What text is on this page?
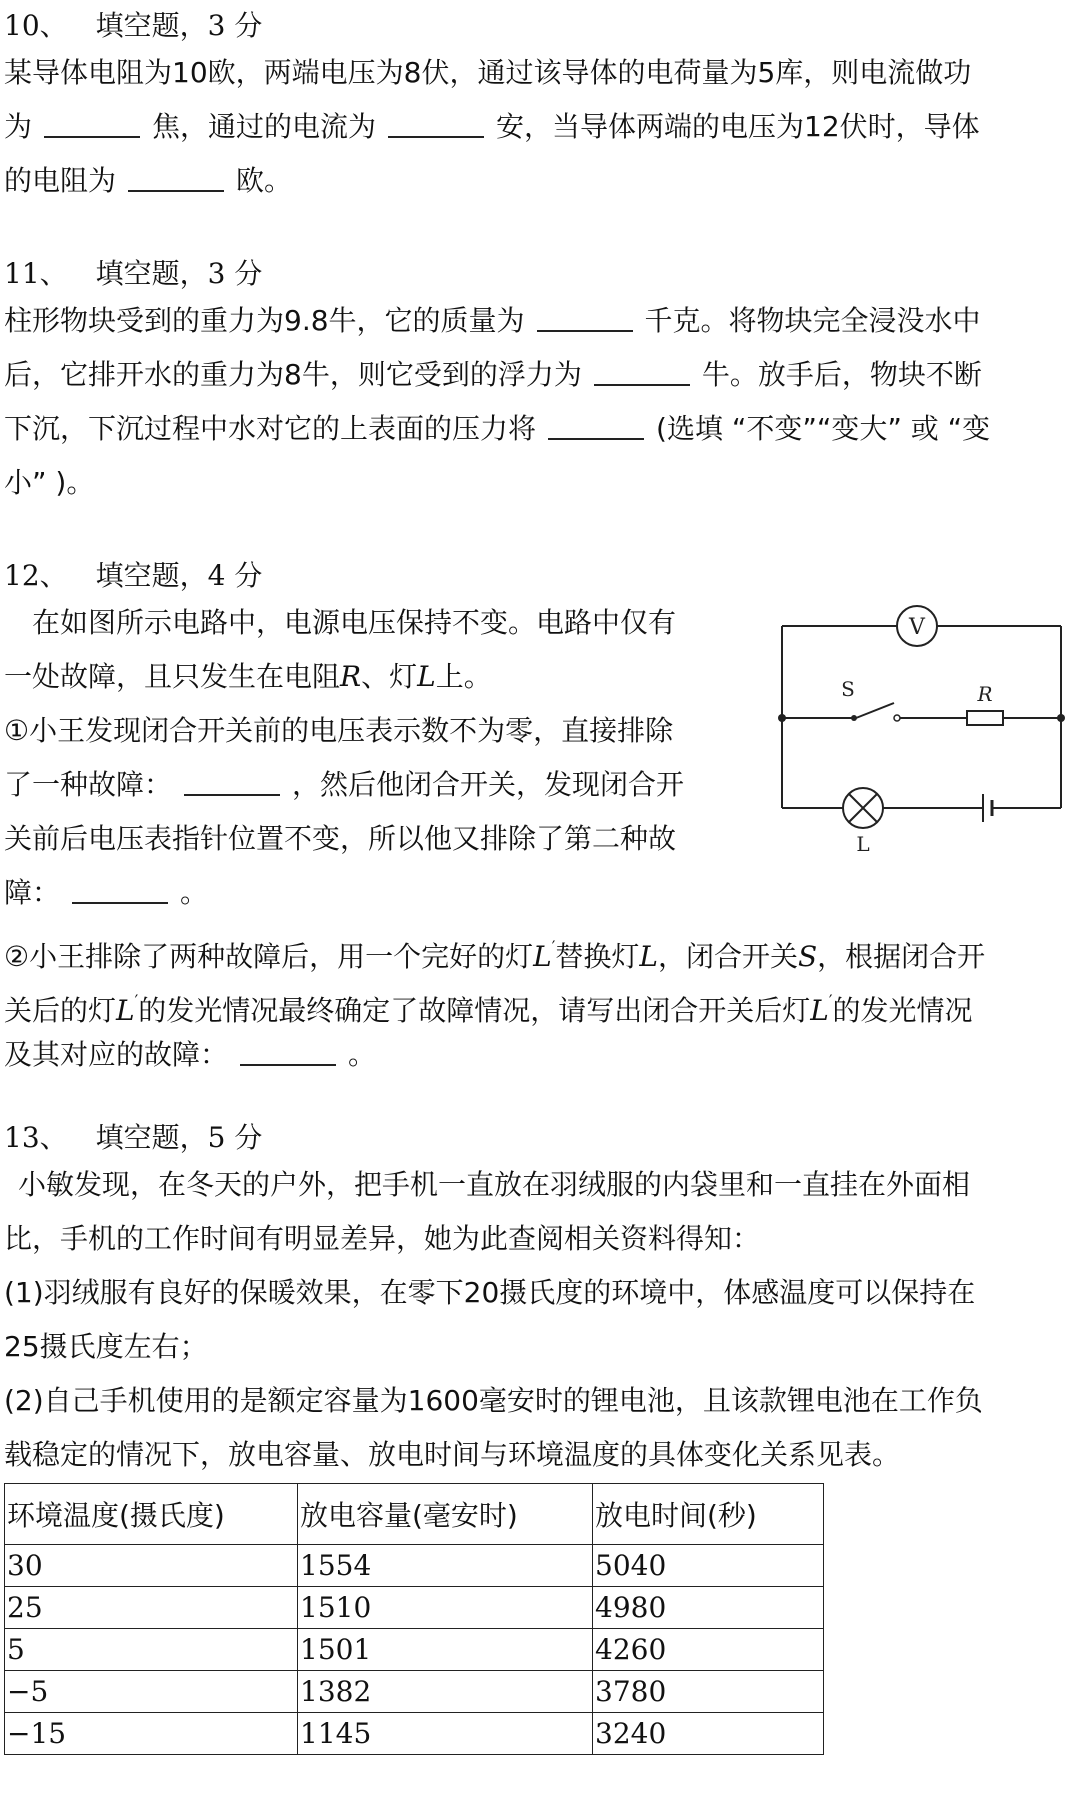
10、 填空题，3 分
某导体电阻为10欧，两端电压为8伏，通过该导体的电荷量为5库，则电流做功
为	焦，通过的电流为	安，当导体两端的电压为12伏时，导体
的电阻为	欧。
11、 填空题，3 分
柱形物块受到的重力为9.8牛，它的质量为	千克。将物块完全浸没水中
后，它排开水的重力为8牛，则它受到的浮力为	牛。放手后，物块不断
下沉，下沉过程中水对它的上表面的压力将	(选填 “不变”“变大” 或 “变
小” )。
12、 填空题，4 分
在如图所示电路中，电源电压保持不变。电路中仅有
一处故障，且只发生在电阻R、灯L上。
①小王发现闭合开关前的电压表示数不为零，直接排除
了一种故障：	，然后他闭合开关，发现闭合开
关前后电压表指针位置不变，所以他又排除了第二种故
障：	。
②小王排除了两种故障后，用一个完好的灯L′替换灯L，闭合开关S，根据闭合开
关后的灯L′的发光情况最终确定了故障情况，请写出闭合开关后灯L′的发光情况
及其对应的故障：	。
V
S	R
L
13、 填空题，5 分
小敏发现，在冬天的户外，把手机一直放在羽绒服的内袋里和一直挂在外面相
比，手机的工作时间有明显差异，她为此查阅相关资料得知：
(1)羽绒服有良好的保暖效果，在零下20摄氏度的环境中，体感温度可以保持在
25摄氏度左右；
(2)自己手机使用的是额定容量为1600毫安时的锂电池，且该款锂电池在工作负
载稳定的情况下，放电容量、放电时间与环境温度的具体变化关系见表。
环境温度(摄氏度)	放电容量(毫安时)	放电时间(秒)
30	1554	5040
25	1510	4980
5	1501	4260
−5	1382	3780
−15	1145	3240
